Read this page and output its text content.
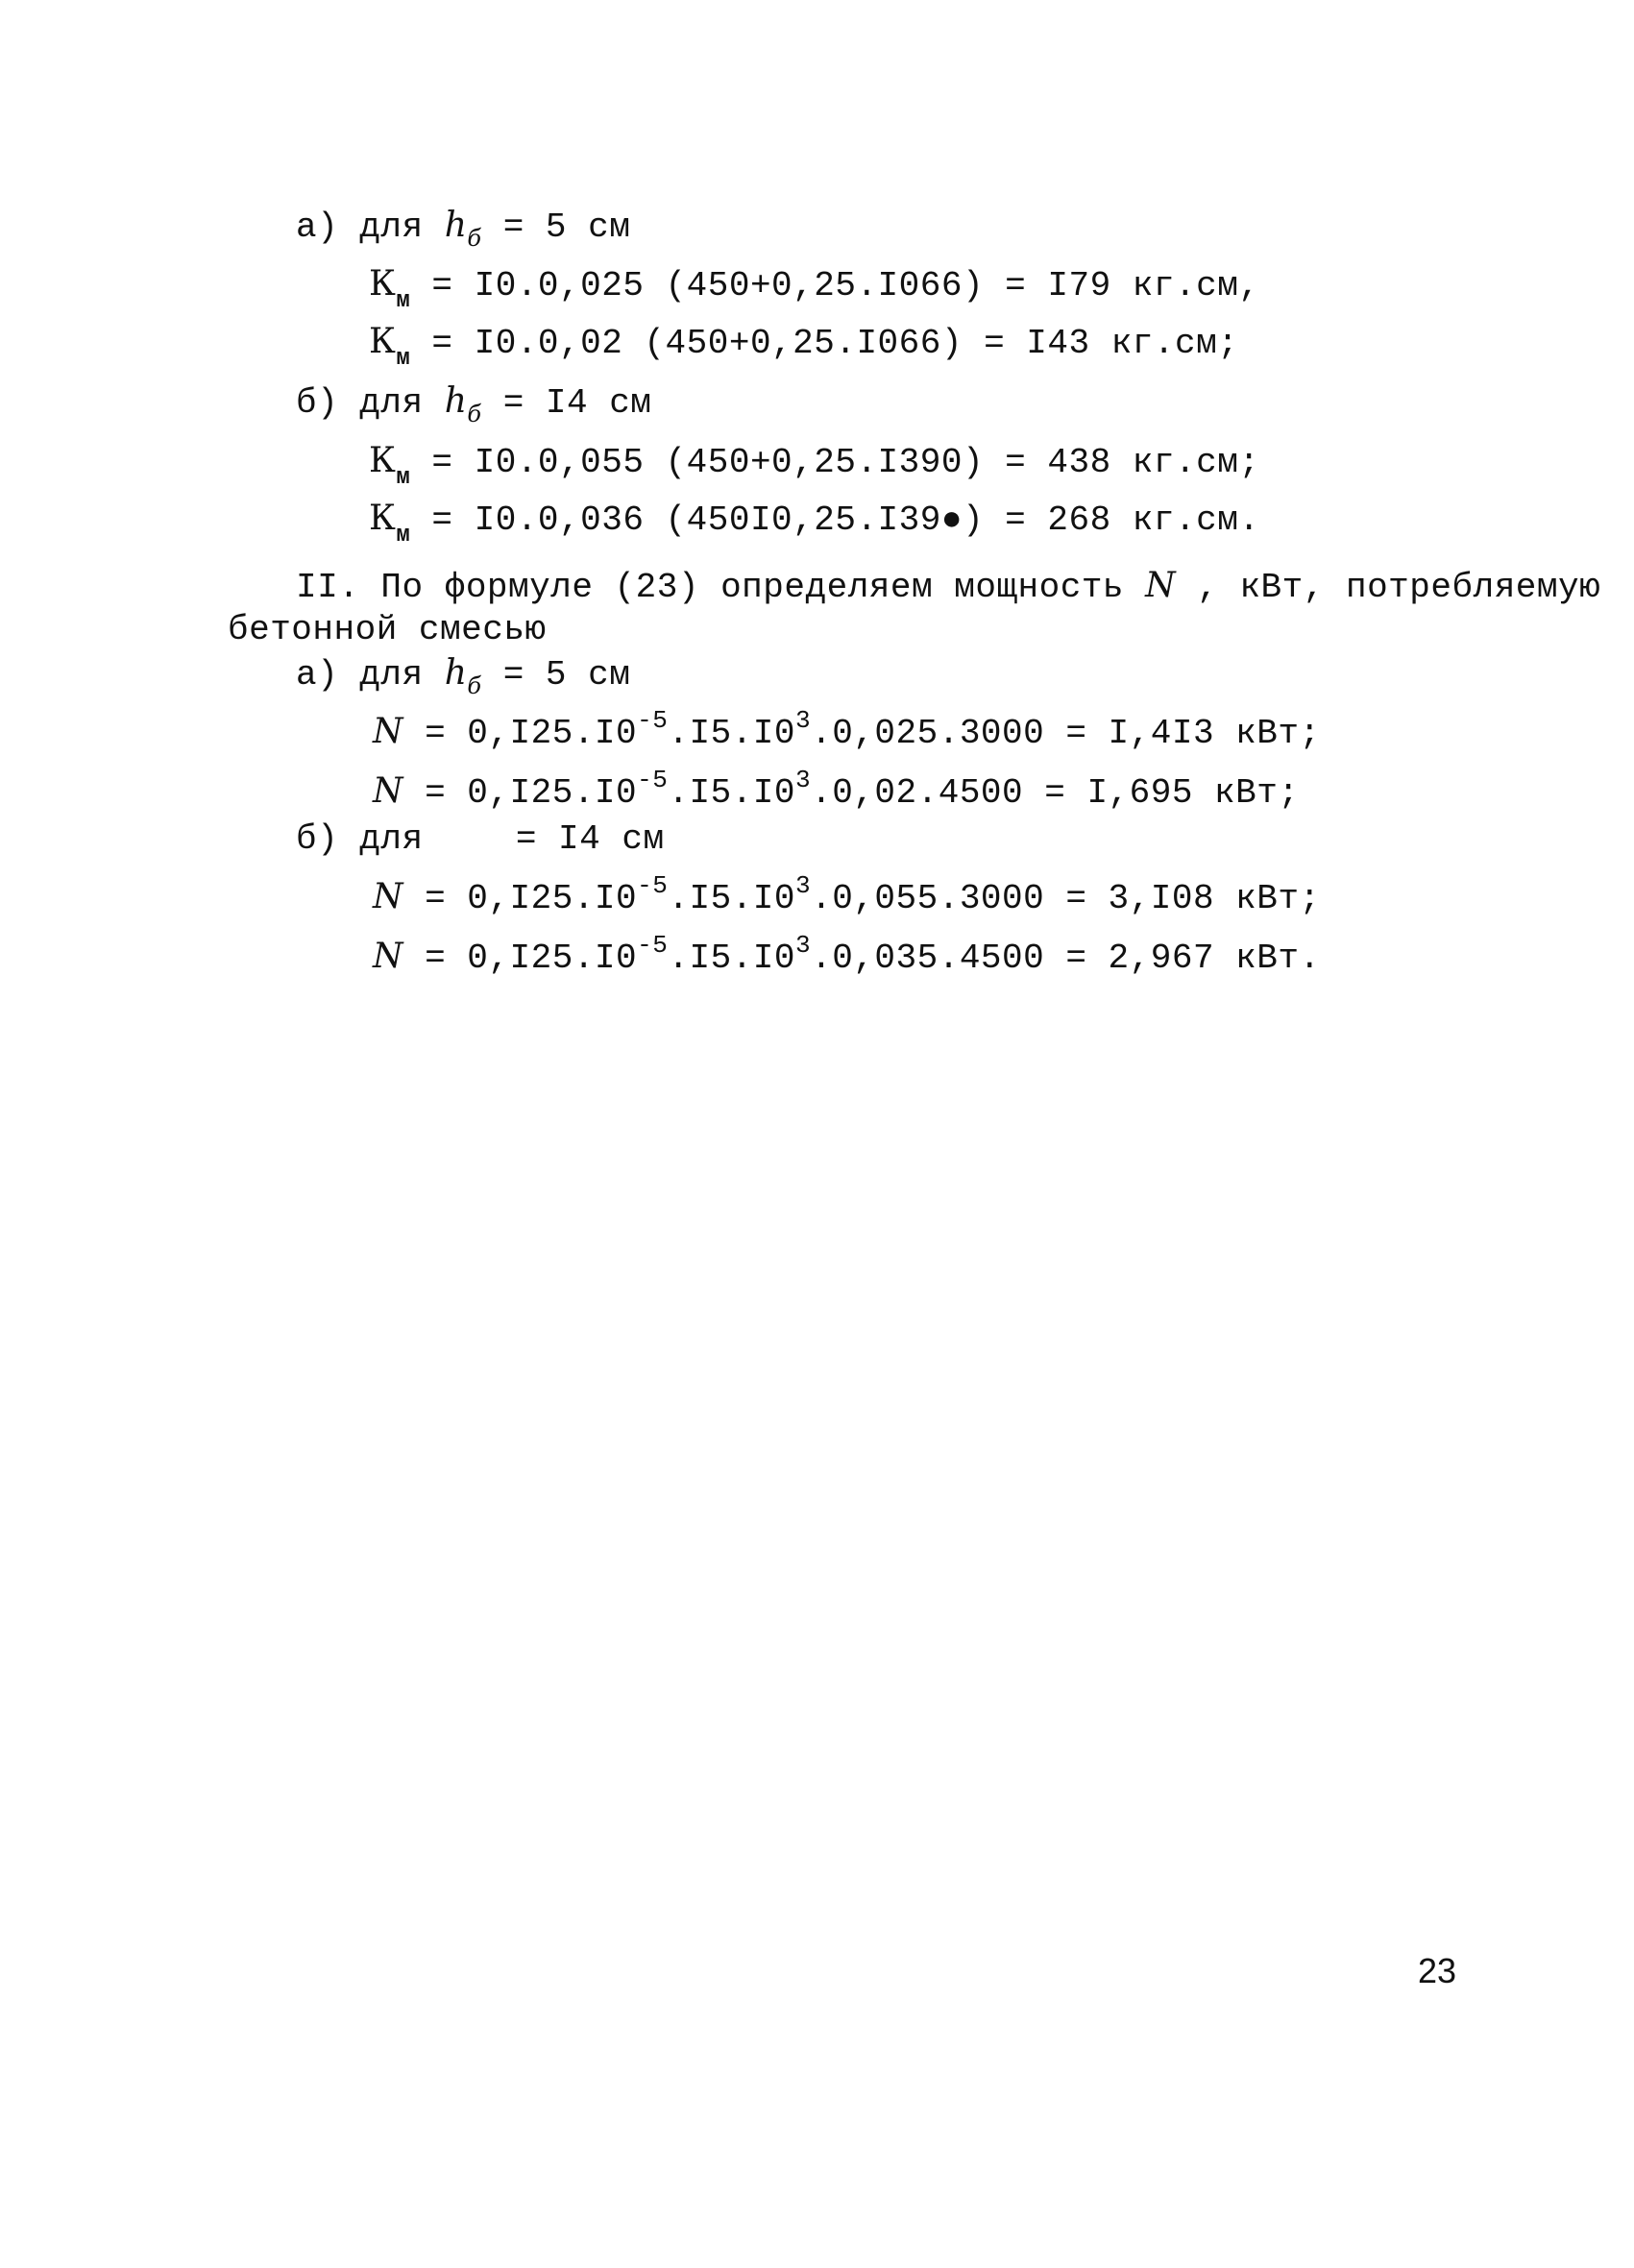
а) для $h_б = 5$ см
$К_м = I0.0,025$ (450+0,25.I066) = I79 кг.см,
$К_м = I0.0,02$ (450+0,25.I066) = I43 кг.см;
б) для $h_б = I4$ см
$К_м = I0.0,055$ (450+0,25.I390) = 438 кг.см;
$К_м = I0.0,036$ (450I0,25.I39●) = 268 кг.см.
II. По формуле (23) определяем мощность N , кВт, потребляемую
бетонной смесью
а) для $h_б = 5$ см
$N = 0,I25.I0^{-5}.I5.I0^3.0,025.3000 = I,4I3$ кВт;
$N = 0,I25.I0^{-5}.I5.I0^3.0,02.4500 = I,695$ кВт;
б) для	= I4 см
$N = 0,I25.I0^{-5}.I5.I0^3.0,055.3000 = 3,I08$ кВт;
$N = 0,I25.I0^{-5}.I5.I0^3.0,035.4500 = 2,967$ кВт.
23
